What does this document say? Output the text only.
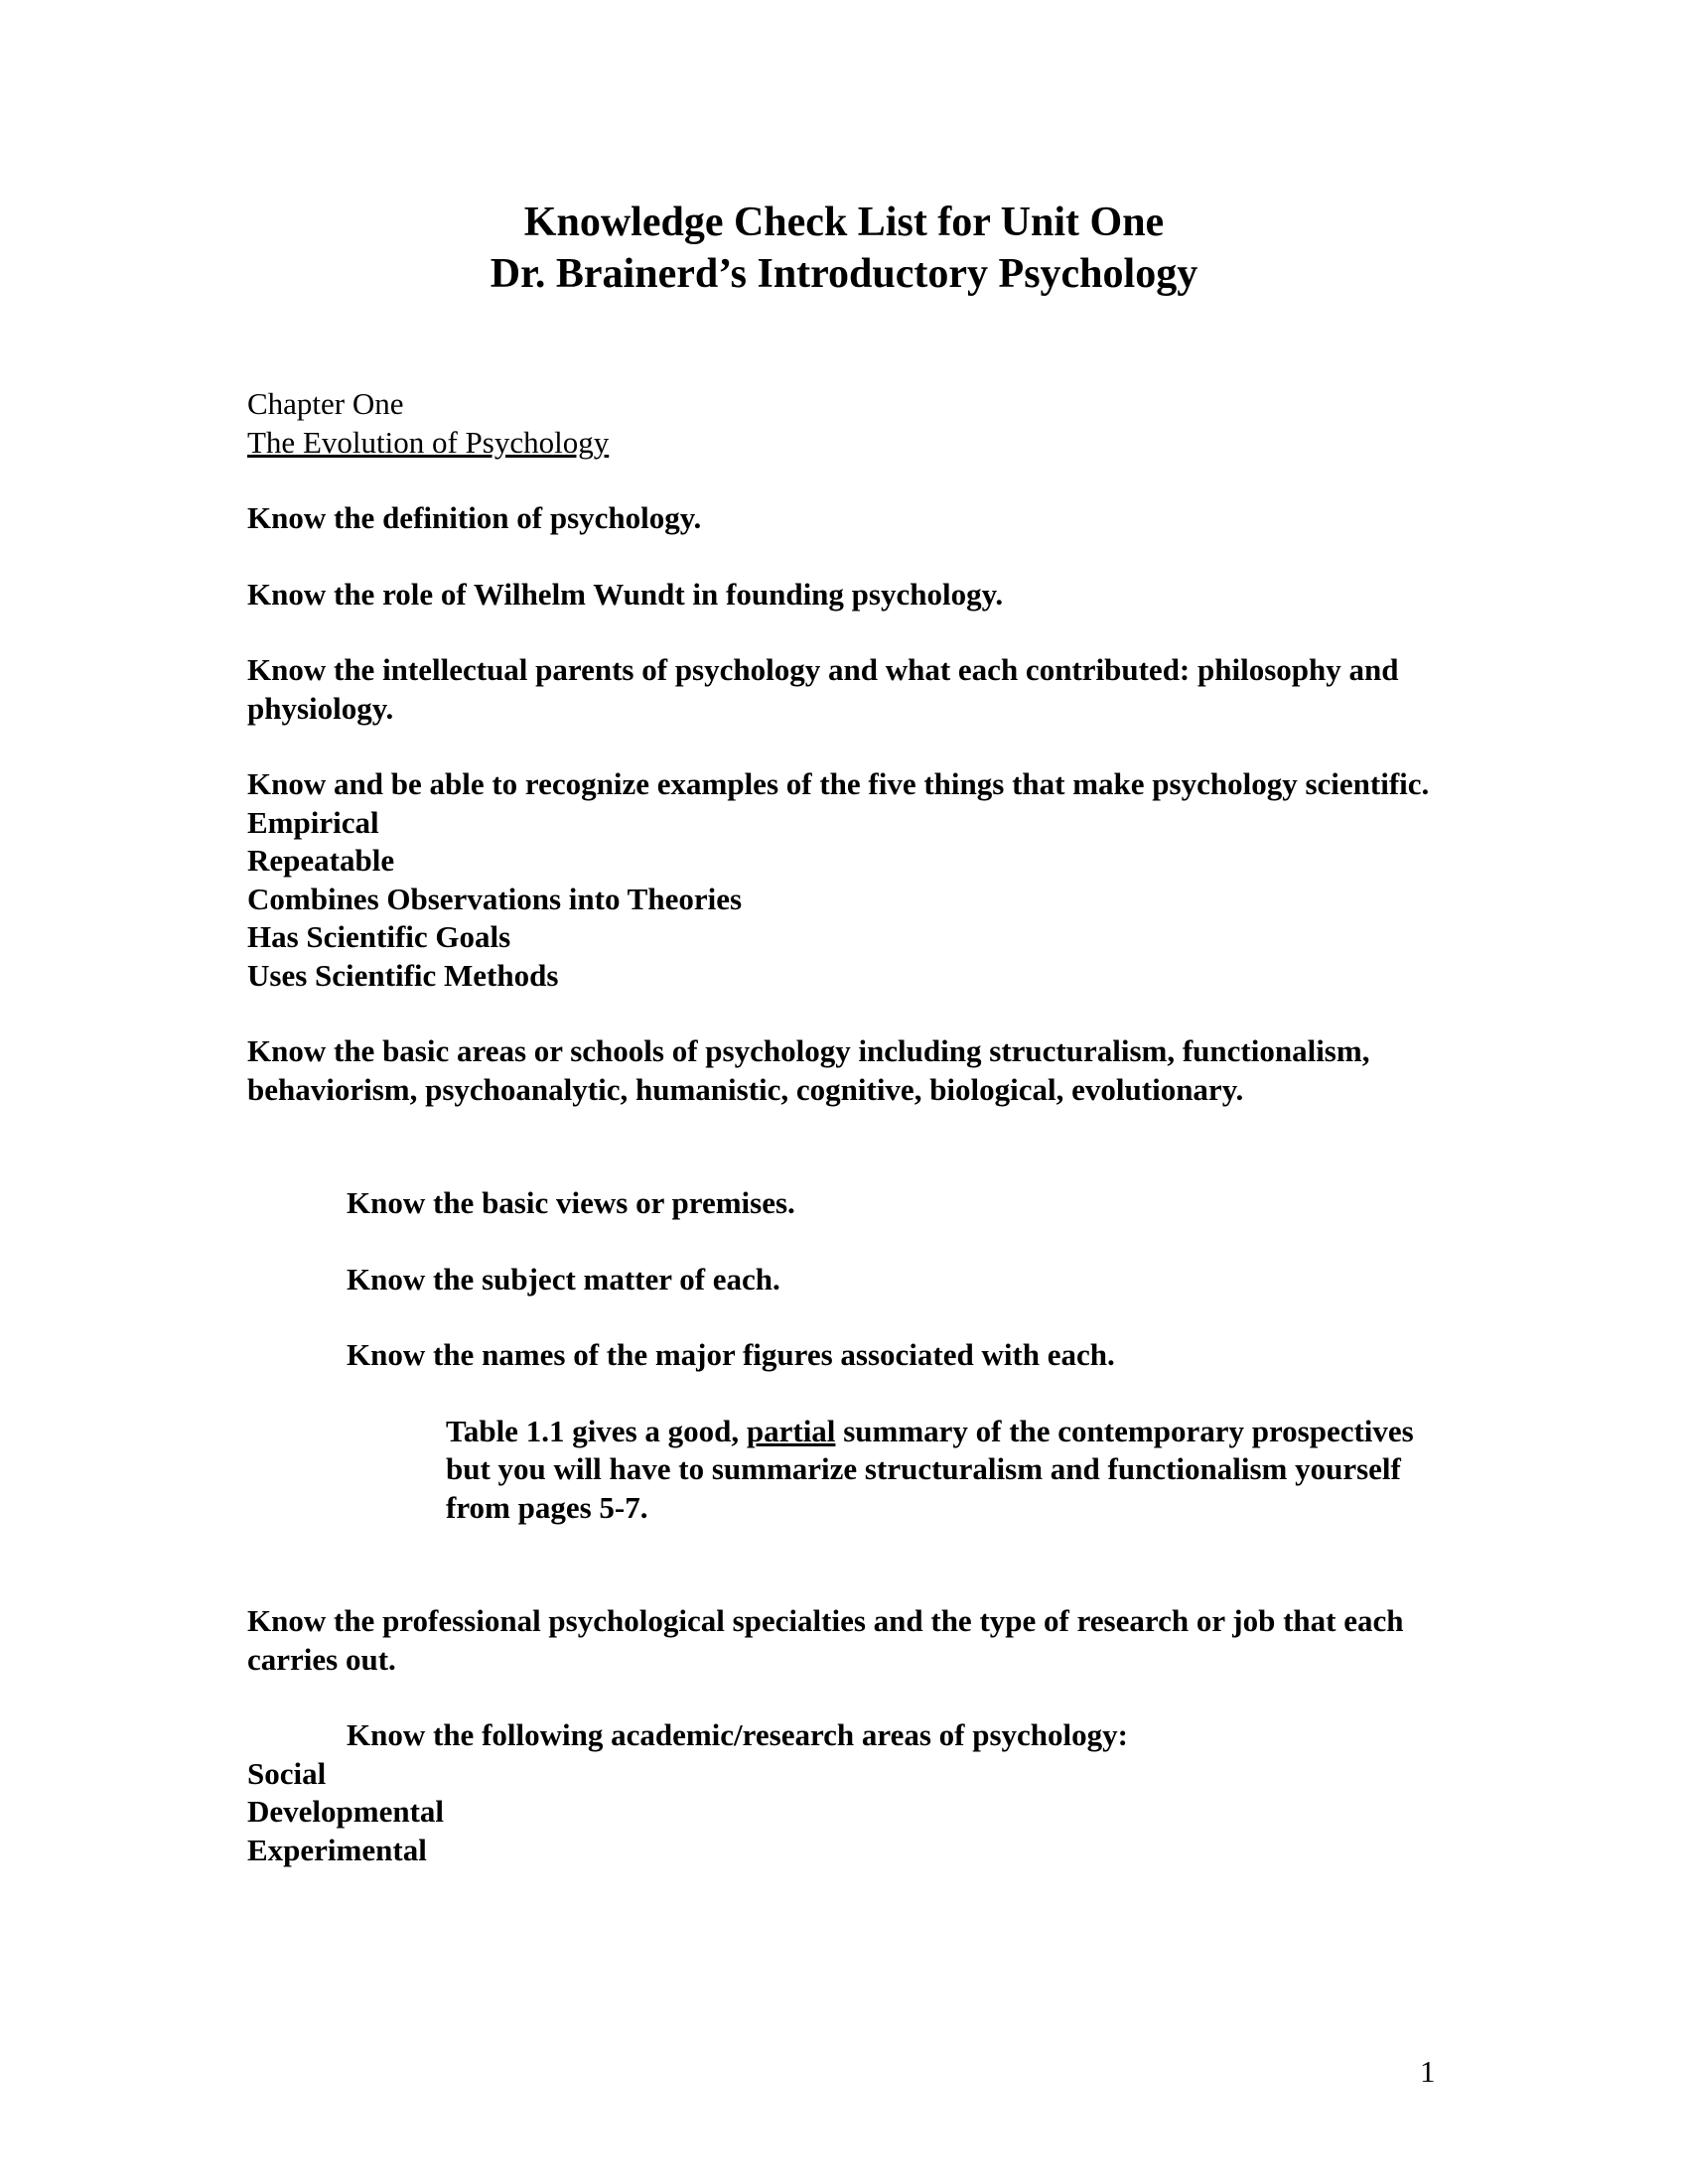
Knowledge Check List for Unit One
Dr. Brainerd’s Introductory Psychology

Chapter One

The Evolution of Psychology

Know the definition of psychology.

Know the role of Wilhelm Wundt in founding psychology.

Know the intellectual parents of psychology and what each contributed: philosophy and physiology.

Know and be able to recognize examples of the five things that make psychology scientific.

Empirical
Repeatable
Combines Observations into Theories
Has Scientific Goals
Uses Scientific Methods

Know the basic areas or schools of psychology including structuralism, functionalism, behaviorism, psychoanalytic, humanistic, cognitive, biological, evolutionary.

Know the basic views or premises.

Know the subject matter of each.

Know the names of the major figures associated with each.

Table 1.1 gives a good, partial summary of the contemporary prospectives but you will have to summarize structuralism and functionalism yourself from pages 5-7.

Know the professional psychological specialties and the type of research or job that each carries out.

Know the following academic/research areas of psychology:

Social
Developmental
Experimental
1
